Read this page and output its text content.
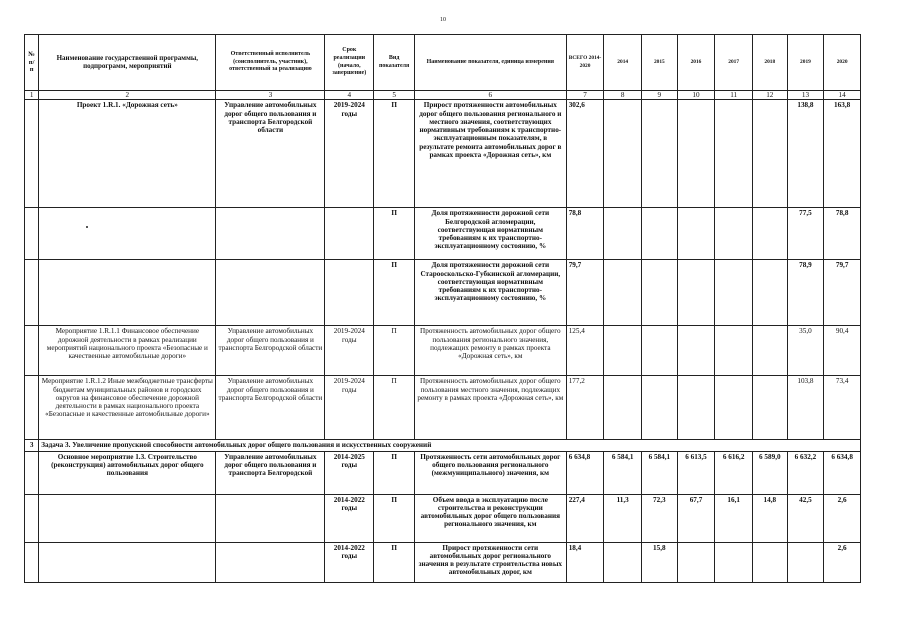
10
№ п/п	Наименование государственной программы, подпрограмм, мероприятий	Ответственный исполнитель (соисполнитель, участник), ответственный за реализацию	Срок реализации (начало, завершение)	Вид показателя	Наименование показателя, единица измерения	ВСЕГО 2014-2020	2014	2015	2016	2017	2018	2019	2020
1	2	3	4	5	6	7	8	9	10	11	12	13	14
	Проект 1.R.1. «Дорожная сеть»	Управление автомобильных дорог общего пользования и транспорта Белгородской области	2019-2024 годы	П	Прирост протяженности автомобильных дорог общего пользования регионального и местного значения, соответствующих нормативным требованиям к транспортно-эксплуатационным показателям, в результате ремонта автомобильных дорог в рамках проекта «Дорожная сеть», км	302,6						138,8	163,8
				П	Доля протяженности дорожной сети Белгородской агломерации, соответствующая нормативным требованиям к их транспортно-эксплуатационному состоянию, %	78,8						77,5	78,8
				П	Доля протяженности дорожной сети Старооскольско-Губкинской агломерации, соответствующая нормативным требованиям к их транспортно-эксплуатационному состоянию, %	79,7						78,9	79,7
	Мероприятие 1.R.1.1 Финансовое обеспечение дорожной деятельности в рамках реализации мероприятий национального проекта «Безопасные и качественные автомобильные дороги»	Управление автомобильных дорог общего пользования и транспорта Белгородской области	2019-2024 годы	П	Протяженность автомобильных дорог общего пользования регионального значения, подлежащих ремонту в рамках проекта «Дорожная сеть», км	125,4						35,0	90,4
	Мероприятие 1.R.1.2 Иные межбюджетные трансферты бюджетам муниципальных районов и городских округов на финансовое обеспечение дорожной деятельности в рамках национального проекта «Безопасные и качественные автомобильные дороги»	Управление автомобильных дорог общего пользования и транспорта Белгородской области	2019-2024 годы	П	Протяженность автомобильных дорог общего пользования местного значения, подлежащих ремонту в рамках проекта «Дорожная сеть», км	177,2						103,8	73,4
3	Задача 3. Увеличение пропускной способности автомобильных дорог общего пользования и искусственных сооружений												
	Основное мероприятие 1.3. Строительство (реконструкция) автомобильных дорог общего пользования	Управление автомобильных дорог общего пользования и транспорта Белгородской	2014-2025 годы	П	Протяженность сети автомобильных дорог общего пользования регионального (межмуниципального) значения, км	6 634,8	6 584,1	6 584,1	6 613,5	6 616,2	6 589,0	6 632,2	6 634,8
			2014-2022 годы	П	Объем ввода в эксплуатацию после строительства и реконструкции автомобильных дорог общего пользования регионального значения, км	227,4	11,3	72,3	67,7	16,1	14,8	42,5	2,6
			2014-2022 годы	П	Прирост протяженности сети автомобильных дорог регионального значения в результате строительства новых автомобильных дорог, км	18,4		15,8					2,6
